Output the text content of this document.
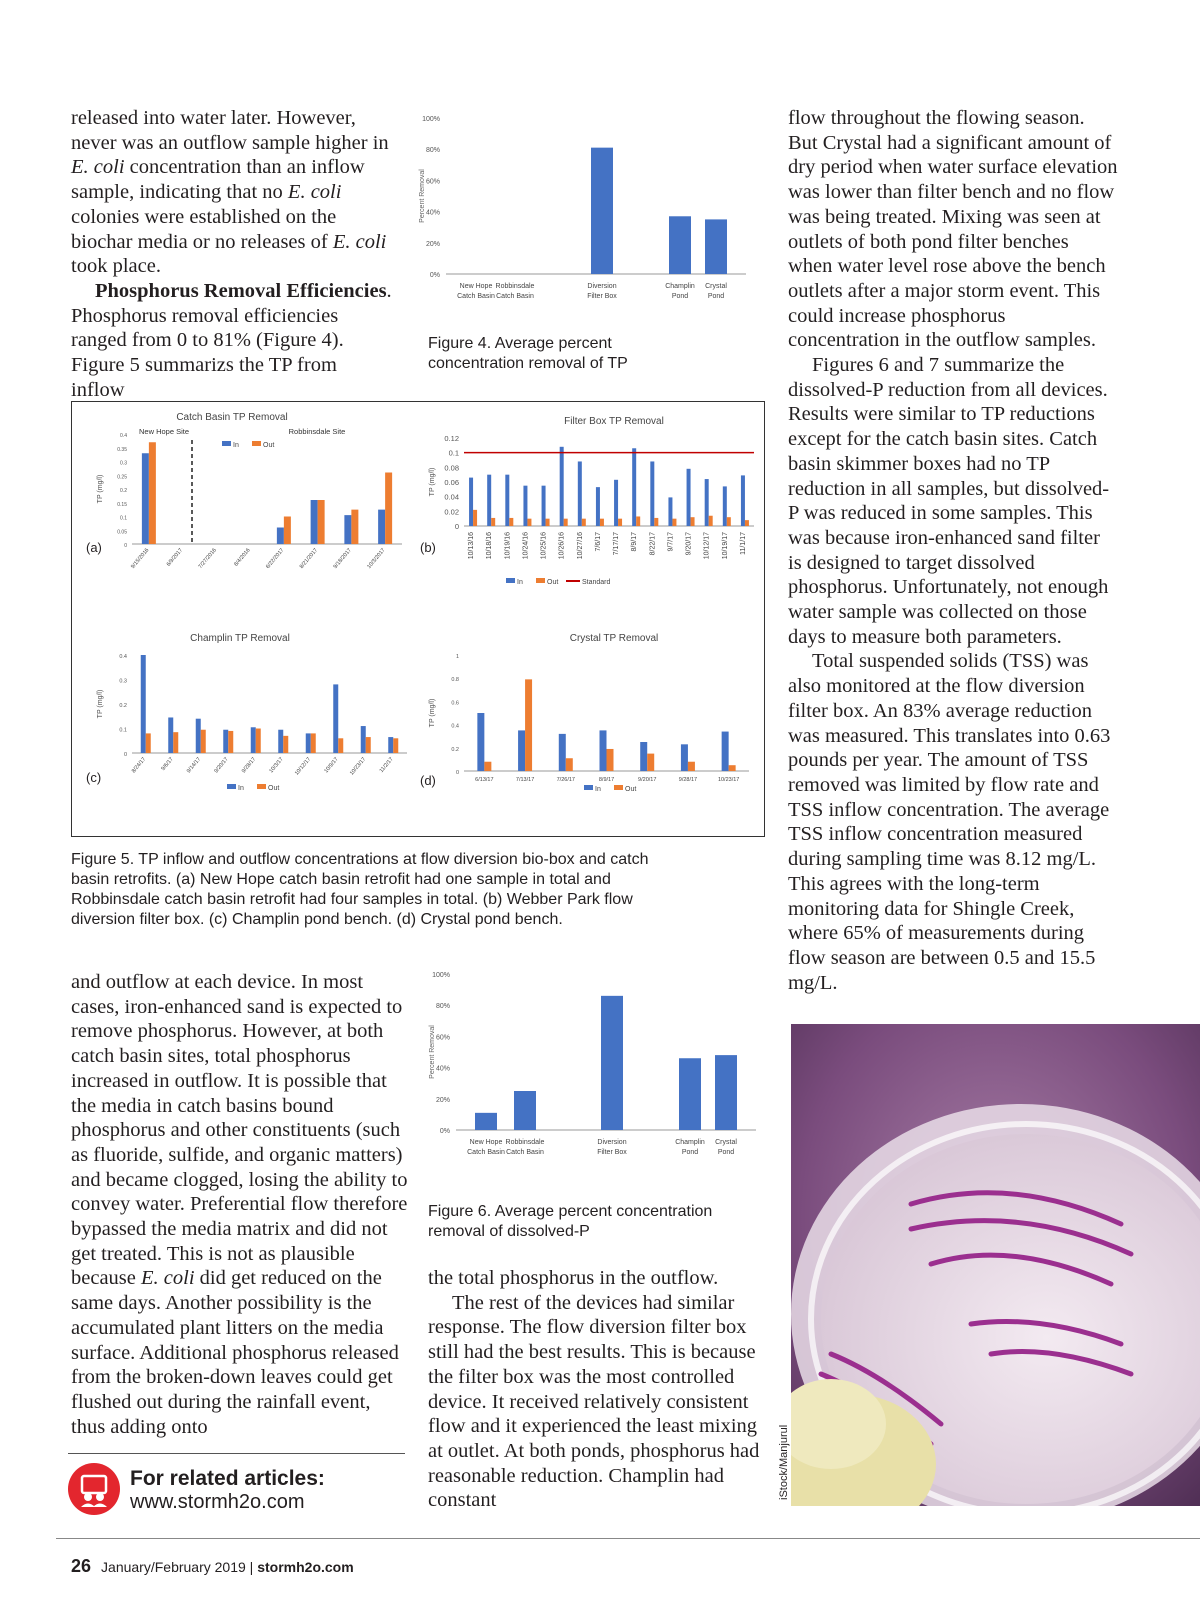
released into water later. However, never was an outflow sample higher in E. coli concentration than an inflow sample, indicating that no E. coli colonies were established on the biochar media or no releases of E. coli took place.

Phosphorus Removal Efficiencies. Phosphorus removal efficiencies ranged from 0 to 81% (Figure 4). Figure 5 summarizs the TP from inflow

0%
20%
40%
60%
80%
100%
Percent Removal
New Hope
Catch Basin
Robbinsdale
Catch Basin
Diversion
Filter Box
Champlin
Pond
Crystal
Pond
Figure 4. Average percent concentration removal of TP

flow throughout the flowing season. But Crystal had a significant amount of dry period when water surface elevation was lower than filter bench and no flow was being treated. Mixing was seen at outlets of both pond filter benches when water level rose above the bench outlets after a major storm event. This could increase phosphorus concentration in the outflow samples.

Figures 6 and 7 summarize the dissolved-P reduction from all devices. Results were similar to TP reductions except for the catch basin sites. Catch basin skimmer boxes had no TP reduction in all samples, but dissolved-P was reduced in some samples. This was because iron-enhanced sand filter is designed to target dissolved phosphorus. Unfortunately, not enough water sample was collected on those days to measure both parameters.

Total suspended solids (TSS) was also monitored at the flow diversion filter box. An 83% average reduction was measured. This translates into 0.63 pounds per year. The amount of TSS removed was limited by flow rate and TSS inflow concentration. The average TSS inflow concentration measured during sampling time was 8.12 mg/L. This agrees with the long-term monitoring data for Shingle Creek, where 65% of measurements during flow season are between 0.5 and 15.5 mg/L.

Catch Basin TP Removal
0
0.05
0.1
0.15
0.2
0.25
0.3
0.35
0.4
TP (mg/l)
9/15/2016	6/9/2017 7/27/2016	8/4/2016 6/22/2017 8/21/2017 9/18/2017 10/3/2017
In	Out
(a)
New Hope Site	Robbinsdale Site
Filter Box TP Removal
0
0.02
0.04
0.06
0.08
0.1
0.12
TP (mg/l)
10/13/16 10/18/16 10/19/16 10/24/16 10/25/16 10/26/16 10/27/16 7/6/17 7/17/17 8/9/17 8/22/17 9/7/17 9/20/17 10/12/17 10/19/17 11/1/17
In	Out	Standard
(b)
Champlin TP Removal
0
0.1
0.2
0.3
0.4
TP (mg/l)
8/24/17 9/6/17 9/14/17 9/20/17 9/28/17 10/3/17 10/12/17 10/9/17 10/23/17 11/2/17
In	Out
(c)
Crystal TP Removal
0
0.2
0.4
0.6
0.8
1
TP (mg/l)
6/13/17	7/13/17	7/26/17	8/9/17	9/20/17	9/28/17	10/23/17
In	Out
(d)
Figure 5. TP inflow and outflow concentrations at flow diversion bio-box and catch basin retrofits. (a) New Hope catch basin retrofit had one sample in total and Robbinsdale catch basin retrofit had four samples in total. (b) Webber Park flow diversion filter box. (c) Champlin pond bench. (d) Crystal pond bench.

and outflow at each device. In most cases, iron-enhanced sand is expected to remove phosphorus. However, at both catch basin sites, total phosphorus increased in outflow. It is possible that the media in catch basins bound phosphorus and other constituents (such as fluoride, sulfide, and organic matters) and became clogged, losing the ability to convey water. Preferential flow therefore bypassed the media matrix and did not get treated. This is not as plausible because E. coli did get reduced on the same days. Another possibility is the accumulated plant litters on the media surface. Additional phosphorus released from the broken-down leaves could get flushed out during the rainfall event, thus adding onto

0%
20%
40%
60%
80%
100%
Percent Removal
New Hope
Catch Basin
Robbinsdale
Catch Basin
Diversion
Filter Box
Champlin
Pond
Crystal
Pond
Figure 6. Average percent concentration removal of dissolved-P

the total phosphorus in the outflow.

The rest of the devices had similar response. The flow diversion filter box still had the best results. This is because the filter box was the most controlled device. It received relatively consistent flow and it experienced the least mixing at outlet. At both ponds, phosphorus had reasonable reduction. Champlin had constant

iStock/Manjurul
For related articles:
www.stormh2o.com
26 January/February 2019 | stormh2o.com
